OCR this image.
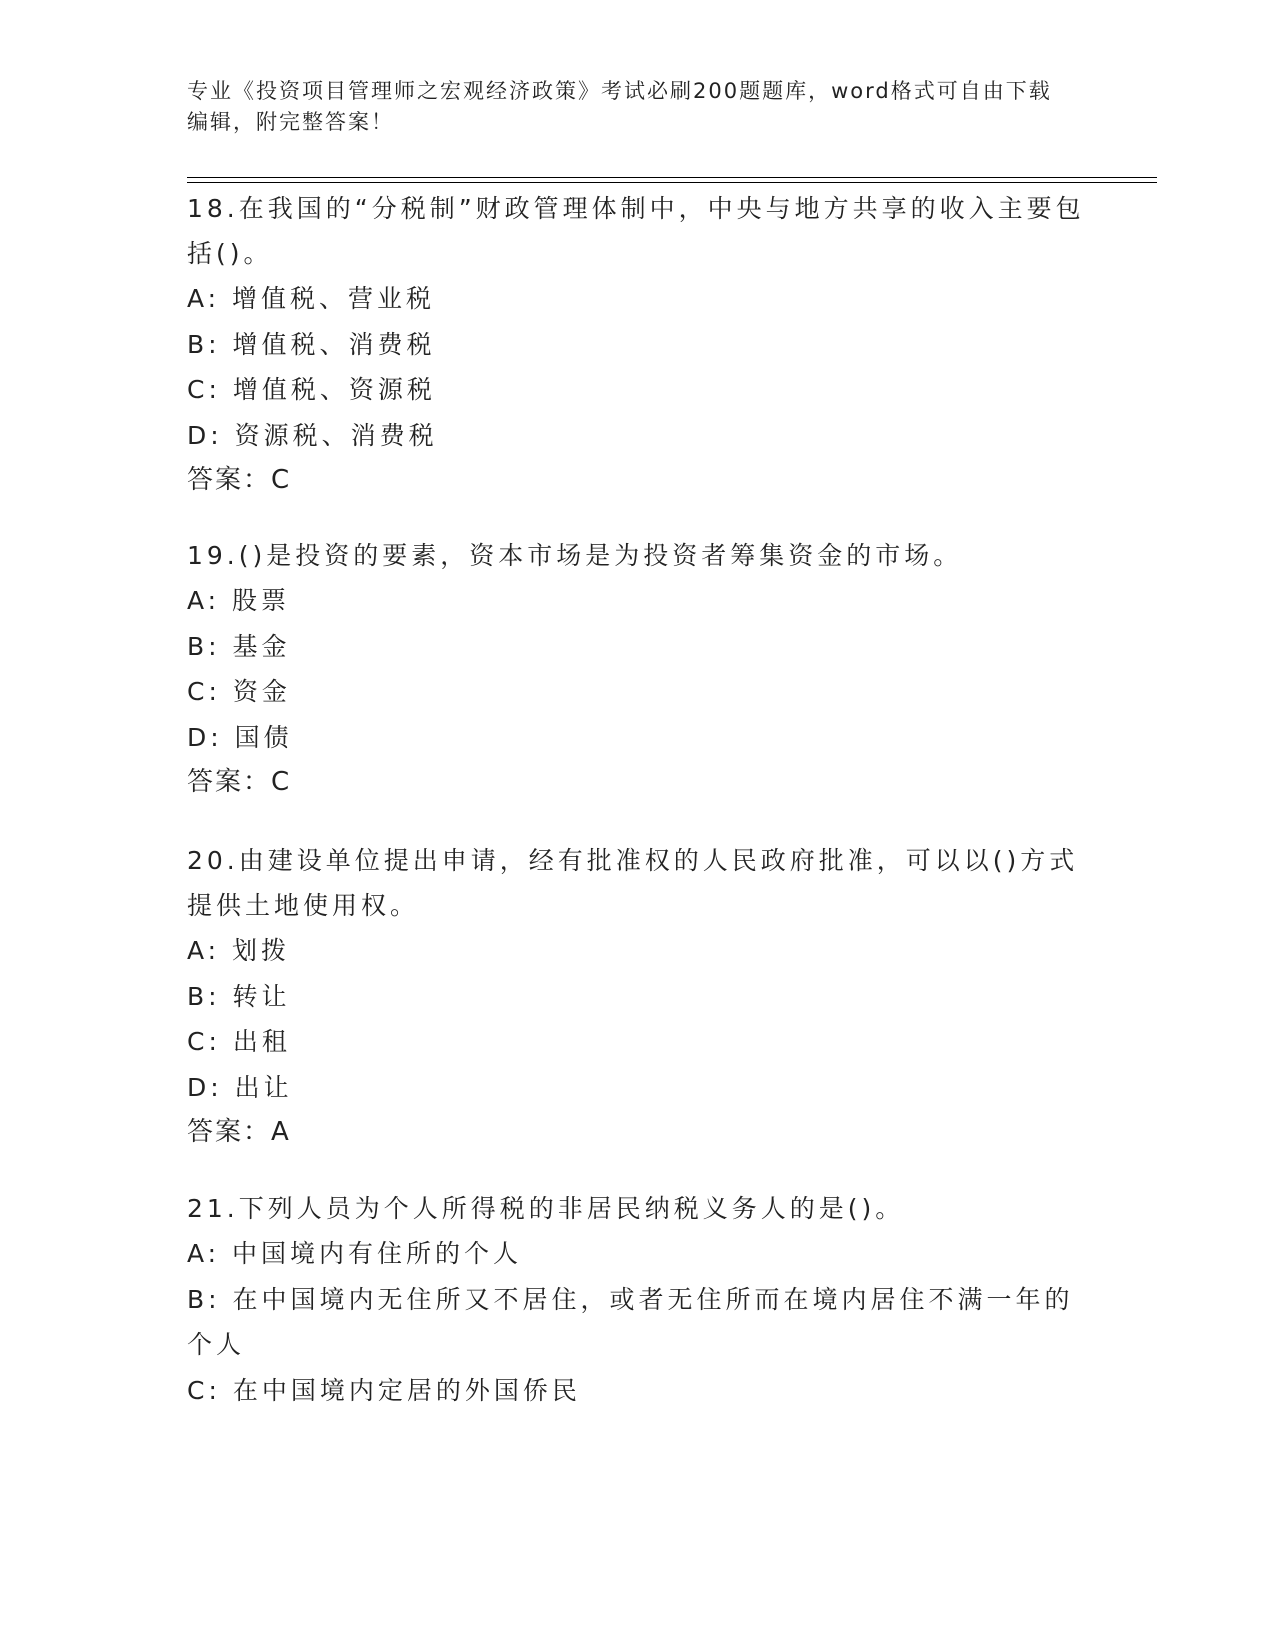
专业《投资项目管理师之宏观经济政策》考试必刷200题题库，word格式可自由下载编辑，附完整答案！
18.在我国的“分税制”财政管理体制中，中央与地方共享的收入主要包括()。
A: 增值税、营业税
B: 增值税、消费税
C: 增值税、资源税
D: 资源税、消费税
答案：C
19.()是投资的要素，资本市场是为投资者筹集资金的市场。
A: 股票
B: 基金
C: 资金
D: 国债
答案：C
20.由建设单位提出申请，经有批准权的人民政府批准，可以以()方式提供土地使用权。
A: 划拨
B: 转让
C: 出租
D: 出让
答案：A
21.下列人员为个人所得税的非居民纳税义务人的是()。
A: 中国境内有住所的个人
B: 在中国境内无住所又不居住，或者无住所而在境内居住不满一年的个人
C: 在中国境内定居的外国侨民
